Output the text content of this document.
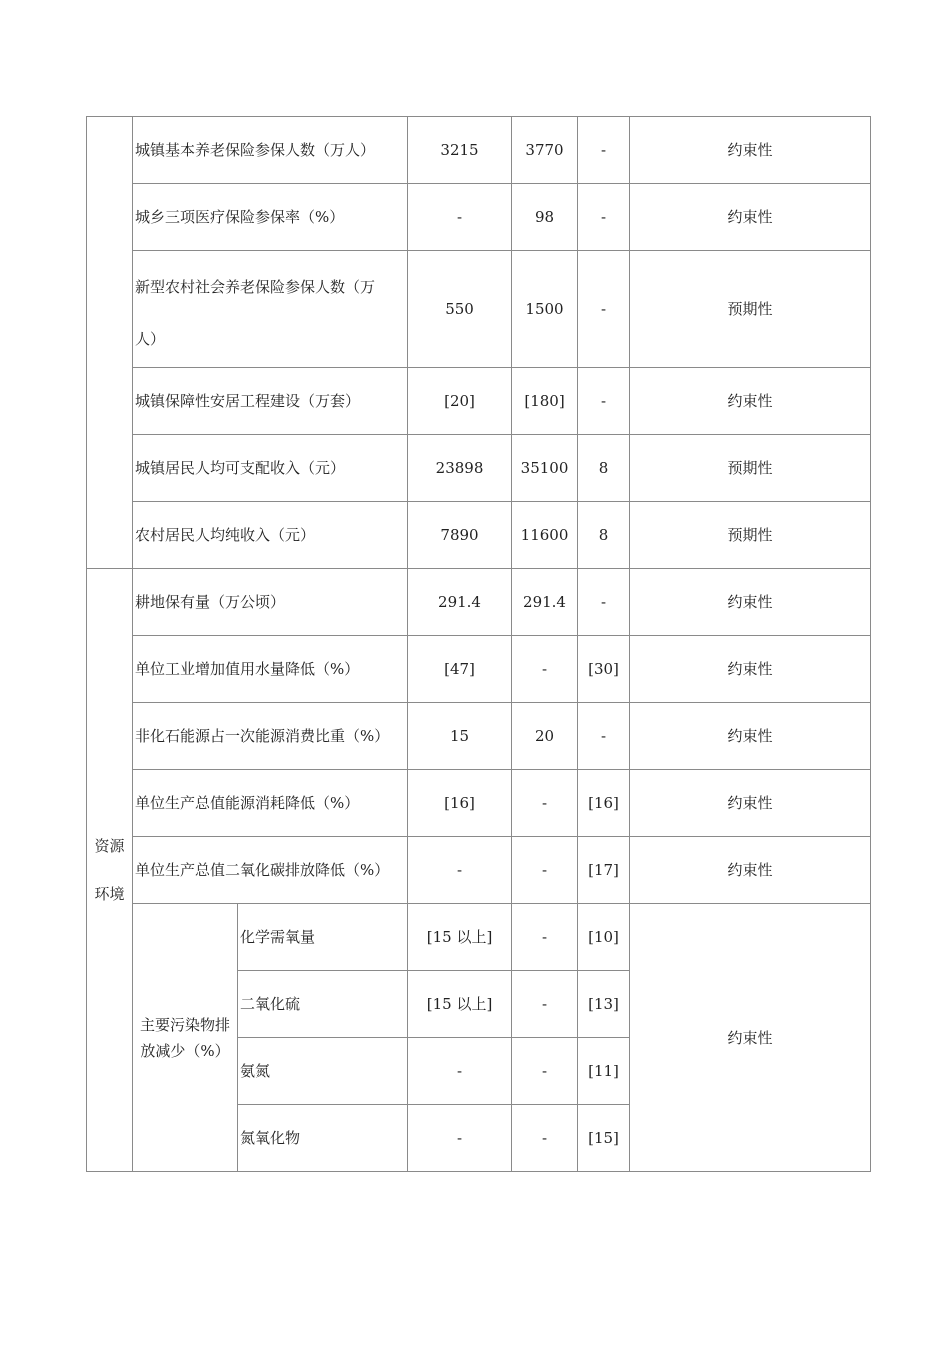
	城镇基本养老保险参保人数（万人）		3215	3770	-	约束性
	城乡三项医疗保险参保率（%）		-	98	-	约束性

	新型农村社会养老保险参保人数（万
人）		550	1500	-	预期性
	城镇保障性安居工程建设（万套）		[20]	[180]	-	约束性
	城镇居民人均可支配收入（元）		23898	35100	8	预期性
	农村居民人均纯收入（元）		7890	11600	8	预期性

资源
环境	耕地保有量（万公顷）		291.4	291.4	-	约束性
	单位工业增加值用水量降低（%）		[47]	-	[30]	约束性
	非化石能源占一次能源消费比重（%）		15	20	-	约束性
	单位生产总值能源消耗降低（%）		[16]	-	[16]	约束性
	单位生产总值二氧化碳排放降低（%）		-	-	[17]	约束性

	主要污染物排
放减少（%）	化学需氧量	[15 以上]	-	[10]	约束性
		二氧化硫	[15 以上]	-	[13]	
		氨氮	-	-	[11]	
		氮氧化物	-	-	[15]	
